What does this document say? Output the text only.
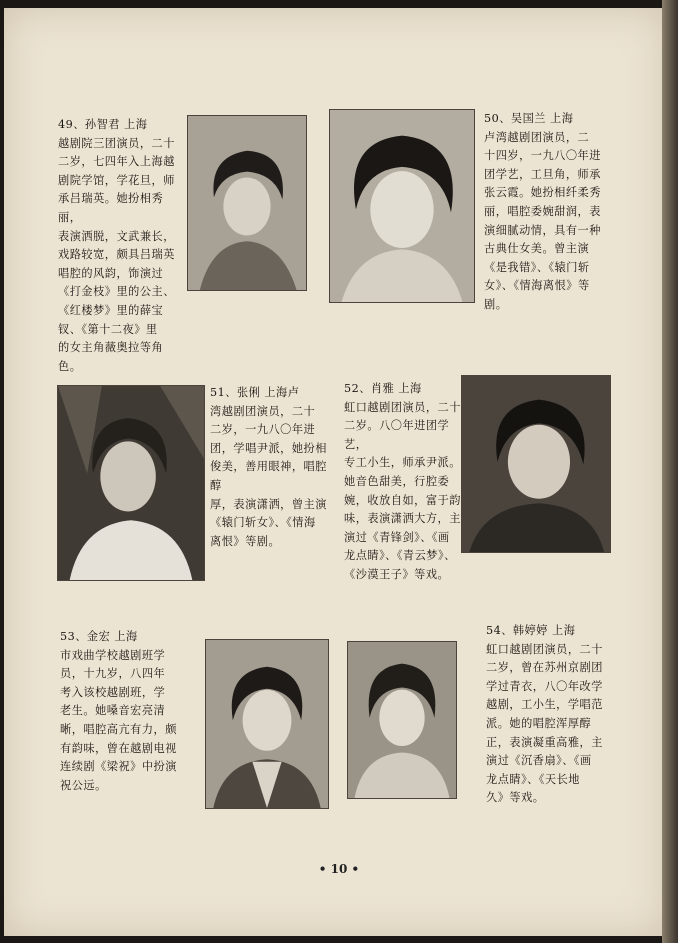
49、孙智君 上海
越剧院三团演员，二十
二岁，七四年入上海越
剧院学馆，学花旦，师
承吕瑞英。她扮相秀丽，
表演洒脱，文武兼长，
戏路较宽，颇具吕瑞英
唱腔的风韵，饰演过
《打金枝》里的公主、
《红楼梦》里的薛宝
钗、《第十二夜》里
的女主角薇奥拉等角
色。
50、吴国兰 上海
卢湾越剧团演员，二
十四岁，一九八〇年进
团学艺，工旦角，师承
张云霞。她扮相纤柔秀
丽，唱腔委婉甜润，表
演细腻动情，具有一种
古典仕女美。曾主演
《是我错》、《辕门斩
女》、《情海离恨》等
剧。
51、张俐 上海卢
湾越剧团演员，二十
二岁，一九八〇年进
团，学唱尹派，她扮相
俊美，善用眼神，唱腔醇
厚，表演潇洒，曾主演
《辕门斩女》、《情海
离恨》等剧。
52、肖雅 上海
虹口越剧团演员，二十
二岁。八〇年进团学艺，
专工小生，师承尹派。
她音色甜美，行腔委
婉，收放自如，富于韵
味，表演潇洒大方，主
演过《青锋剑》、《画
龙点睛》、《青云梦》、
《沙漠王子》等戏。
53、金宏 上海
市戏曲学校越剧班学
员，十九岁，八四年
考入该校越剧班，学
老生。她嗓音宏亮清
晰，唱腔高亢有力，颇
有韵味，曾在越剧电视
连续剧《梁祝》中扮演
祝公远。
54、韩婷婷 上海
虹口越剧团演员，二十
二岁，曾在苏州京剧团
学过青衣，八〇年改学
越剧，工小生，学唱范
派。她的唱腔浑厚醇
正，表演凝重高雅，主
演过《沉香扇》、《画
龙点睛》、《天长地
久》等戏。
• 10 •
